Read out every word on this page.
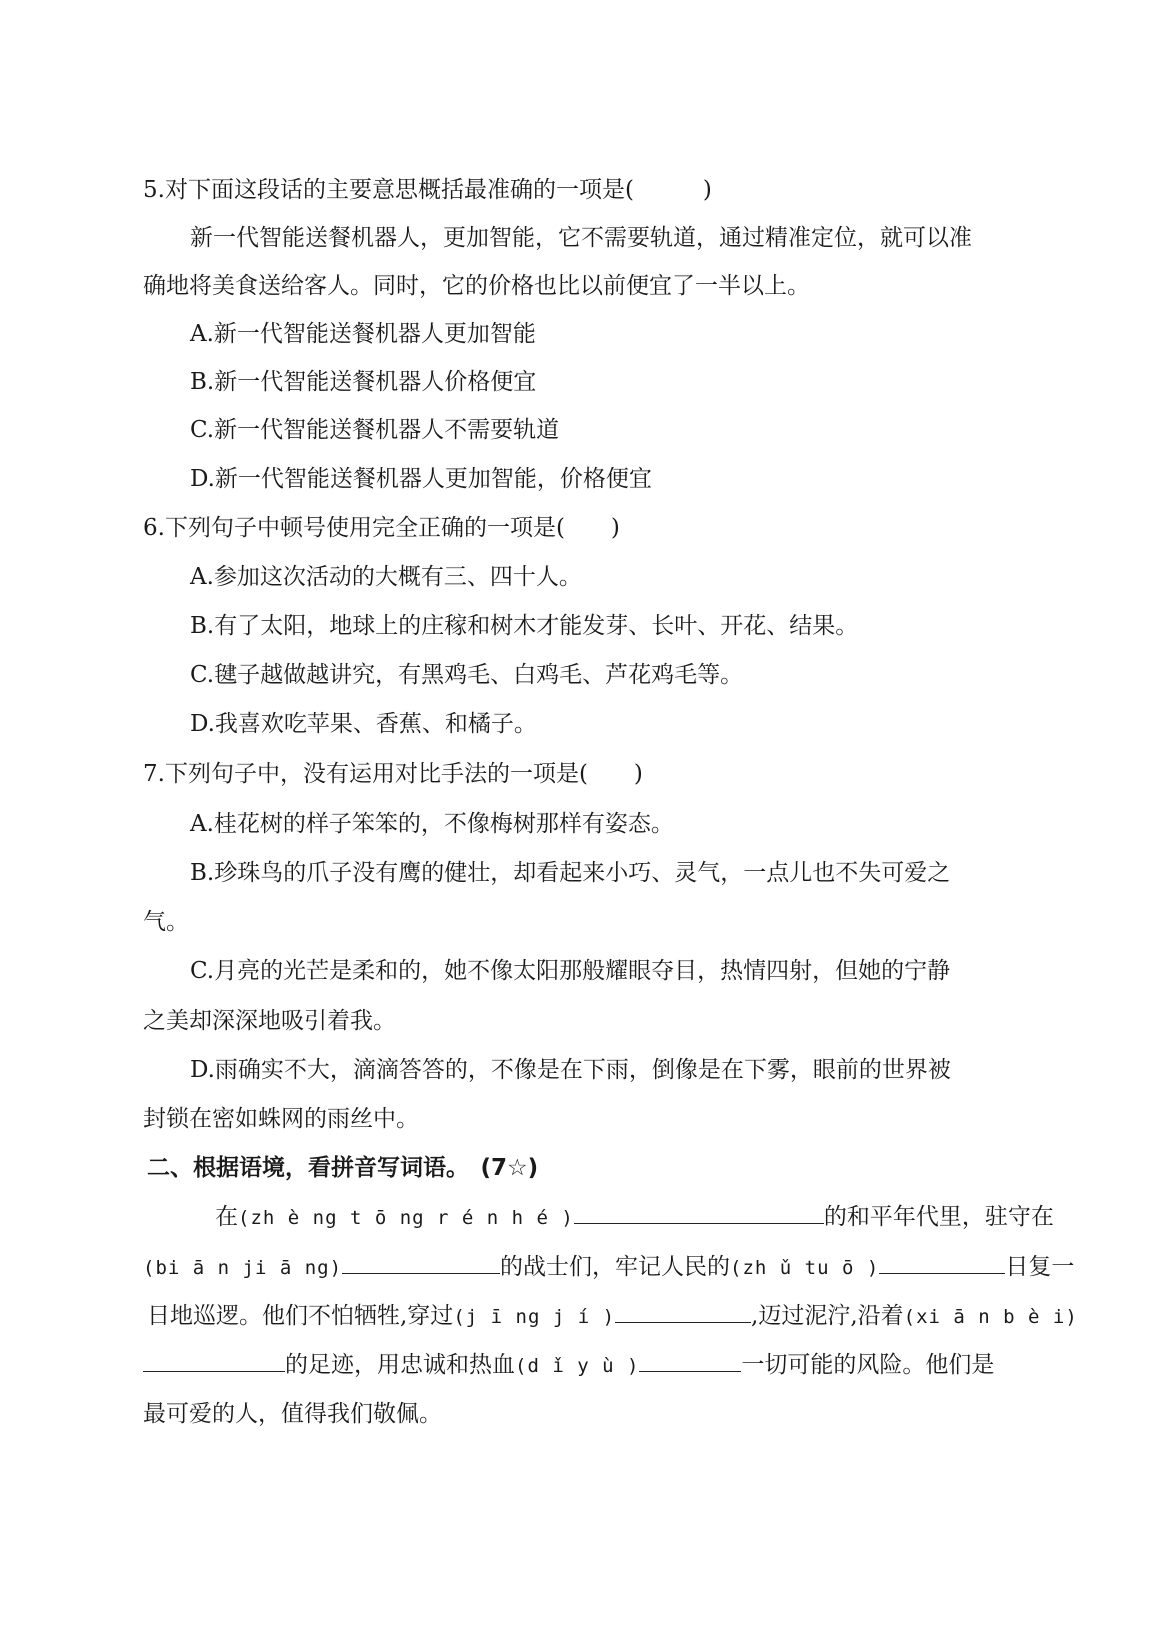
5.对下面这段话的主要意思概括最准确的一项是(　　　)
新一代智能送餐机器人，更加智能，它不需要轨道，通过精准定位，就可以准
确地将美食送给客人。同时，它的价格也比以前便宜了一半以上。
A.新一代智能送餐机器人更加智能
B.新一代智能送餐机器人价格便宜
C.新一代智能送餐机器人不需要轨道
D.新一代智能送餐机器人更加智能，价格便宜
6.下列句子中顿号使用完全正确的一项是(　　)
A.参加这次活动的大概有三、四十人。
B.有了太阳，地球上的庄稼和树木才能发芽、长叶、开花、结果。
C.毽子越做越讲究，有黑鸡毛、白鸡毛、芦花鸡毛等。
D.我喜欢吃苹果、香蕉、和橘子。
7.下列句子中，没有运用对比手法的一项是(　　)
A.桂花树的样子笨笨的，不像梅树那样有姿态。
B.珍珠鸟的爪子没有鹰的健壮，却看起来小巧、灵气，一点儿也不失可爱之
气。
C.月亮的光芒是柔和的，她不像太阳那般耀眼夺目，热情四射，但她的宁静
之美却深深地吸引着我。
D.雨确实不大，滴滴答答的，不像是在下雨，倒像是在下雾，眼前的世界被
封锁在密如蛛网的雨丝中。
二、根据语境，看拼音写词语。　(7☆)
在(zh è ng t ō ng r é n h é )	的和平年代里，驻守在
(bi ā n ji ā ng)	的战士们，牢记人民的(zh ǔ tu ō )	日复一
日地巡逻。他们不怕牺牲,穿过(j ī ng j í )	,迈过泥泞,沿着(xi ā n b è i)
的足迹，用忠诚和热血(d ǐ y ù )	一切可能的风险。他们是
最可爱的人，值得我们敬佩。
